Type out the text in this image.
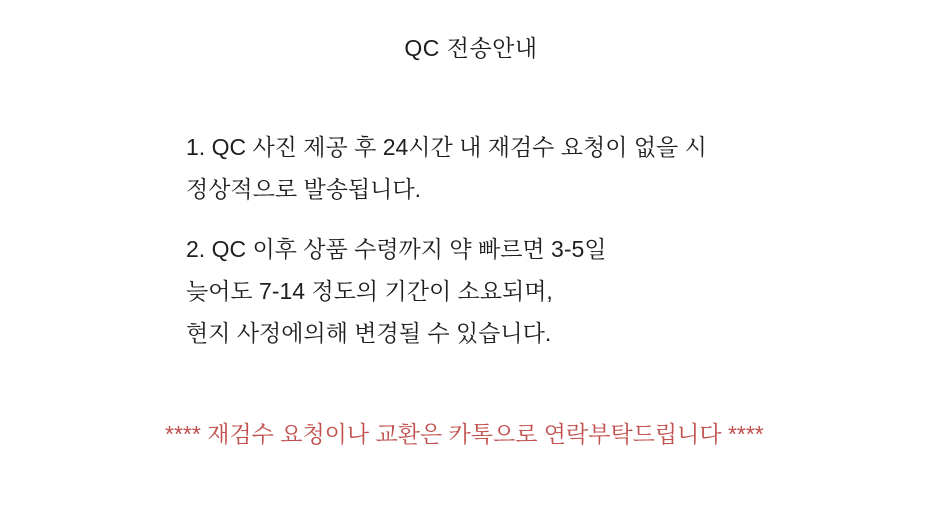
QC 전송안내
1. QC 사진 제공 후 24시간 내 재검수 요청이 없을 시
정상적으로 발송됩니다.
2. QC 이후 상품 수령까지 약 빠르면 3-5일
늦어도 7-14 정도의 기간이 소요되며,
현지 사정에의해 변경될 수 있습니다.
**** 재검수 요청이나 교환은 카톡으로 연락부탁드립니다 ****
